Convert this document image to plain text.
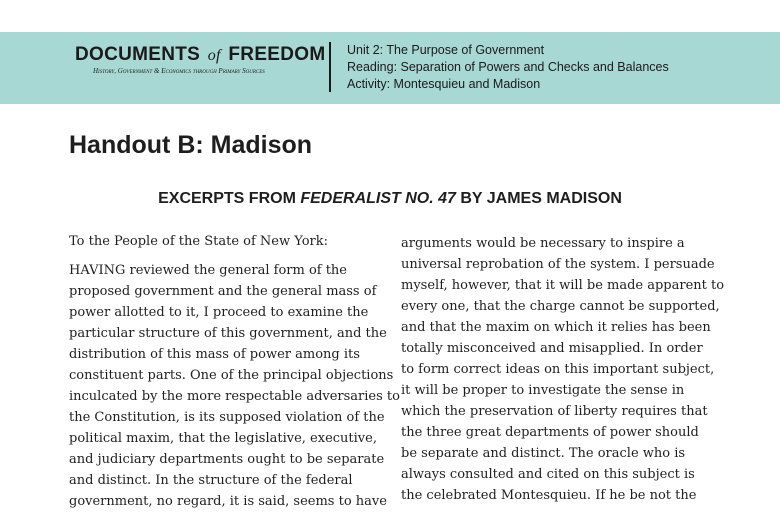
DOCUMENTS of FREEDOM
History, Government & Economics through Primary Sources
Unit 2: The Purpose of Government
Reading: Separation of Powers and Checks and Balances
Activity: Montesquieu and Madison
Handout B: Madison
EXCERPTS FROM FEDERALIST NO. 47 BY JAMES MADISON

To the People of the State of New York:

HAVING reviewed the general form of the
proposed government and the general mass of
power allotted to it, I proceed to examine the
particular structure of this government, and the
distribution of this mass of power among its
constituent parts. One of the principal objections
inculcated by the more respectable adversaries to
the Constitution, is its supposed violation of the
political maxim, that the legislative, executive,
and judiciary departments ought to be separate
and distinct. In the structure of the federal
government, no regard, it is said, seems to have

arguments would be necessary to inspire a
universal reprobation of the system. I persuade
myself, however, that it will be made apparent to
every one, that the charge cannot be supported,
and that the maxim on which it relies has been
totally misconceived and misapplied. In order
to form correct ideas on this important subject,
it will be proper to investigate the sense in
which the preservation of liberty requires that
the three great departments of power should
be separate and distinct. The oracle who is
always consulted and cited on this subject is
the celebrated Montesquieu. If he be not the
